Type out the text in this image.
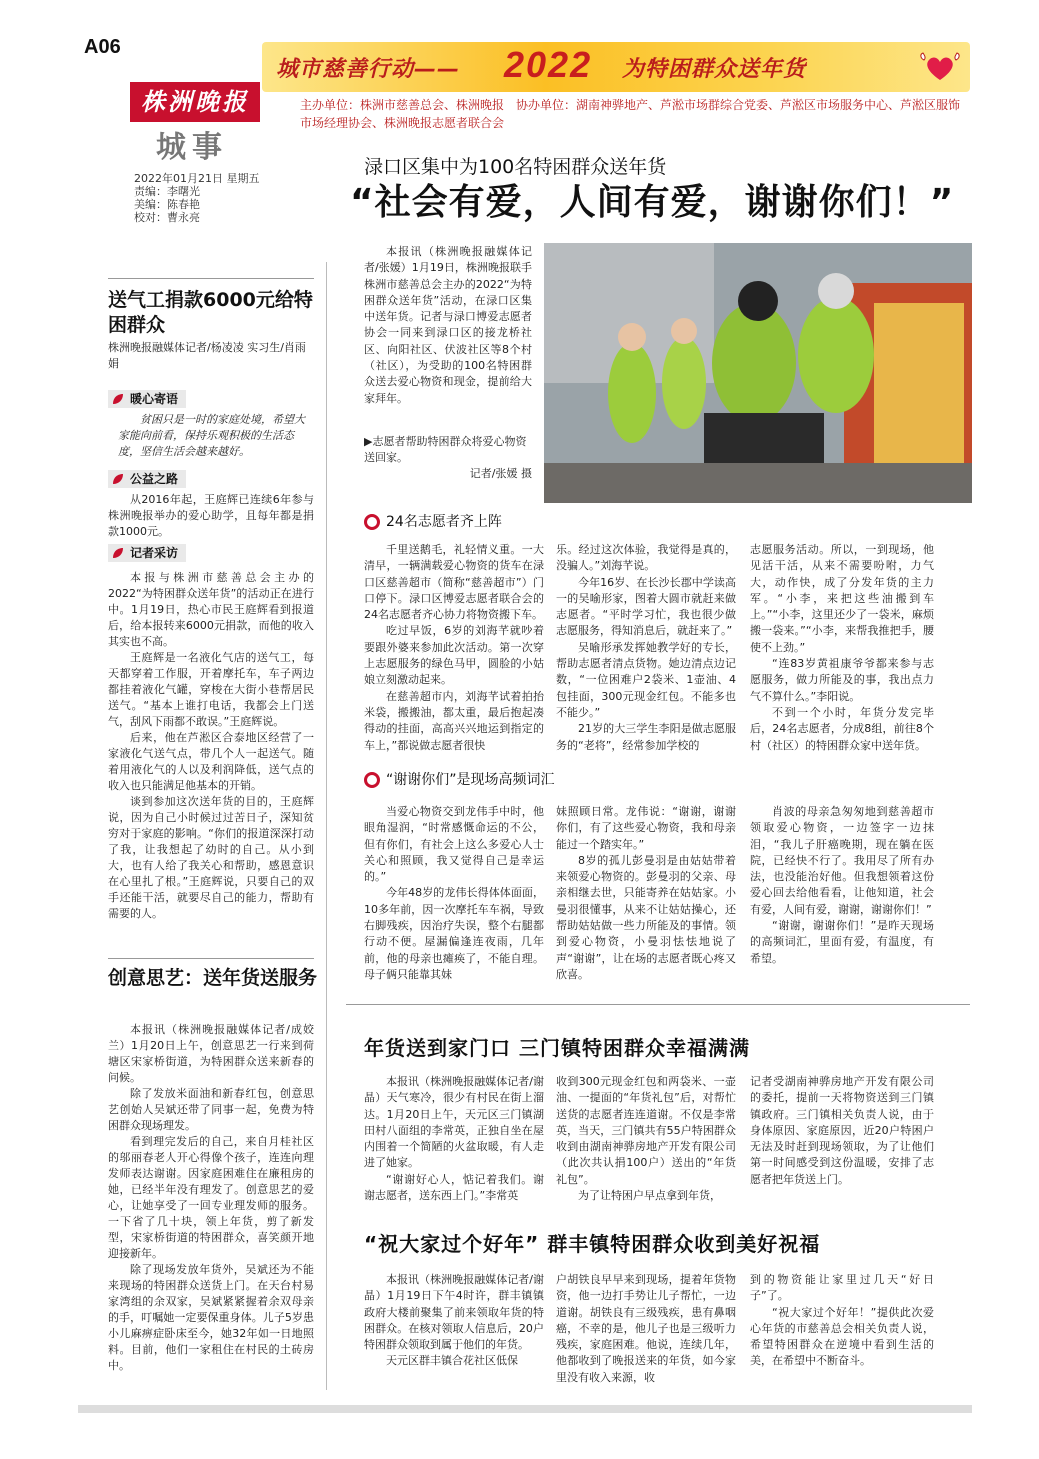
A06
城市慈善行动—— 2022 为特困群众送年货
株洲晚报
城事
2022年01月21日 星期五
责编：李曙光
美编：陈春艳
校对：曹永亮
主办单位：株洲市慈善总会、株洲晚报　协办单位：湖南神骅地产、芦淞市场群综合党委、芦淞区市场服务中心、芦淞区服饰市场经理协会、株洲晚报志愿者联合会
送气工捐款6000元给特困群众
株洲晚报融媒体记者/杨凌凌 实习生/肖雨娟
暖心寄语
贫困只是一时的家庭处境，希望大家能向前看，保持乐观积极的生活态度，坚信生活会越来越好。
公益之路

从2016年起，王庭辉已连续6年参与株洲晚报举办的爱心助学，且每年都是捐款1000元。

记者采访

本报与株洲市慈善总会主办的2022“为特困群众送年货”的活动正在进行中。1月19日，热心市民王庭辉看到报道后，给本报转来6000元捐款，而他的收入其实也不高。

王庭辉是一名液化气店的送气工，每天都穿着工作服，开着摩托车，车子两边都挂着液化气罐，穿梭在大街小巷帮居民送气。“基本上谁打电话，我都会上门送气，刮风下雨都不敢误。”王庭辉说。

后来，他在芦淞区合泰地区经营了一家液化气送气点，带几个人一起送气。随着用液化气的人以及利润降低，送气点的收入也只能满足他基本的开销。

谈到参加这次送年货的目的，王庭辉说，因为自己小时候过过苦日子，深知贫穷对于家庭的影响。“你们的报道深深打动了我，让我想起了幼时的自己。从小到大，也有人给了我关心和帮助，感恩意识在心里扎了根。”王庭辉说，只要自己的双手还能干活，就要尽自己的能力，帮助有需要的人。

创意思艺：送年货送服务

本报讯（株洲晚报融媒体记者/成姣兰）1月20日上午，创意思艺一行来到荷塘区宋家桥街道，为特困群众送来新春的问候。

除了发放米面油和新春红包，创意思艺创始人吴斌还带了同事一起，免费为特困群众现场理发。

看到理完发后的自己，来自月桂社区的邬丽春老人开心得像个孩子，连连向理发师表达谢谢。因家庭困难住在廉租房的她，已经半年没有理发了。创意思艺的爱心，让她享受了一回专业理发师的服务。一下省了几十块，领上年货，剪了新发型，宋家桥街道的特困群众，喜笑颜开地迎接新年。

除了现场发放年货外，吴斌还为不能来现场的特困群众送货上门。在天台村易家湾组的余双家，吴斌紧紧握着余双母亲的手，叮嘱她一定要保重身体。儿子5岁患小儿麻痹症卧床至今，她32年如一日地照料。目前，他们一家租住在村民的土砖房中。

渌口区集中为100名特困群众送年货
“社会有爱，人间有爱，谢谢你们！”

本报讯（株洲晚报融媒体记者/张媛）1月19日，株洲晚报联手株洲市慈善总会主办的2022“为特困群众送年货”活动，在渌口区集中送年货。记者与渌口博爱志愿者协会一同来到渌口区的接龙桥社区、向阳社区、伏波社区等8个村（社区），为受助的100名特困群众送去爱心物资和现金，提前给大家拜年。

▶志愿者帮助特困群众将爱心物资送回家。
记者/张媛 摄
24名志愿者齐上阵

千里送鹅毛，礼轻情义重。一大清早，一辆满载爱心物资的货车在渌口区慈善超市（简称“慈善超市”）门口停下。渌口区博爱志愿者联合会的24名志愿者齐心协力将物资搬下车。

吃过早饭，6岁的刘海芊就吵着要跟外婆来参加此次活动。第一次穿上志愿服务的绿色马甲，圆脸的小姑娘立刻激动起来。

在慈善超市内，刘海芊试着拍抬米袋，搬搬油，都太重，最后抱起凑得动的挂面，高高兴兴地运到指定的车上，”都说做志愿者很快

乐。经过这次体验，我觉得是真的，没骗人。”刘海芊说。

今年16岁、在长沙长郡中学读高一的吴喻形家，图着大圆市就赶来做志愿者。“平时学习忙，我也很少做志愿服务，得知消息后，就赶来了。”

吴喻形承发挥她教学好的专长，帮助志愿者清点货物。她边清点边记数，“一位困难户2袋米、1壶油、4包挂面，300元现金红包。不能多也不能少。”

21岁的大三学生李阳是做志愿服务的“老将”，经常参加学校的

志愿服务活动。所以，一到现场，他见活干活，从来不需要吩咐，力气大，动作快，成了分发年货的主力军。“小李，来把这些油搬到车上。”“小李，这里还少了一袋米，麻烦搬一袋来。”“小李，来帮我推把手，腰使不上劲。”

“连83岁黄祖康爷爷都来参与志愿服务，做力所能及的事，我出点力气不算什么。”李阳说。

不到一个小时，年货分发完毕后，24名志愿者，分成8组，前往8个村（社区）的特困群众家中送年货。

“谢谢你们”是现场高频词汇

当爱心物资交到龙伟手中时，他眼角湿润，“时常感慨命运的不公，但有你们，有社会上这么多爱心人士关心和照顾，我又觉得自己是幸运的。”

今年48岁的龙伟长得体体面面，10多年前，因一次摩托车车祸，导致右脚残疾，因治疗失误，整个右腿都行动不便。屋漏偏逢连夜雨，几年前，他的母亲也瘫痪了，不能自理。母子俩只能靠其妹

妹照顾日常。龙伟说：“谢谢，谢谢你们，有了这些爱心物资，我和母亲能过一个踏实年。”

8岁的孤儿彭曼羽是由姑姑带着来领爱心物资的。彭曼羽的父亲、母亲相继去世，只能寄养在姑姑家。小曼羽很懂事，从来不让姑姑操心，还帮助姑姑做一些力所能及的事情。领到爱心物资，小曼羽怯怯地说了声“谢谢”，让在场的志愿者既心疼又欣喜。

肖波的母亲急匆匆地到慈善超市领取爱心物资，一边签字一边抹泪，“我儿子肝癌晚期，现在躺在医院，已经快不行了。我用尽了所有办法，也没能治好他。但我想领着这份爱心回去给他看看，让他知道，社会有爱，人间有爱，谢谢，谢谢你们！”

“谢谢，谢谢你们！”是昨天现场的高频词汇，里面有爱，有温度，有希望。

年货送到家门口 三门镇特困群众幸福满满

本报讯（株洲晚报融媒体记者/谢晶）天气寒冷，很少有村民在街上溜达。1月20日上午，天元区三门镇湖田村八面组的李常英，正独自坐在屋内围着一个简陋的火盆取暖，有人走进了她家。

“谢谢好心人，惦记着我们。谢谢志愿者，送东西上门。”李常英

收到300元现金红包和两袋米、一壶油、一提面的“年货礼包”后，对帮忙送货的志愿者连连道谢。不仅是李常英，当天，三门镇共有55户特困群众收到由湖南神骅房地产开发有限公司（此次共认捐100户）送出的“年货礼包”。

为了让特困户早点拿到年货，

记者受湖南神骅房地产开发有限公司的委托，提前一天将物资送到三门镇镇政府。三门镇相关负责人说，由于身体原因、家庭原因，近20户特困户无法及时赶到现场领取，为了让他们第一时间感受到这份温暖，安排了志愿者把年货送上门。

“祝大家过个好年” 群丰镇特困群众收到美好祝福

本报讯（株洲晚报融媒体记者/谢晶）1月19日下午4时许，群丰镇镇政府大楼前聚集了前来领取年货的特困群众。在核对领取人信息后，20户特困群众领取到属于他们的年货。

天元区群丰镇合花社区低保

户胡铁良早早来到现场，提着年货物资，他一边打手势让儿子帮忙，一边道谢。胡铁良有三级残疾，患有鼻咽癌，不幸的是，他儿子也是三级听力残疾，家庭困难。他说，连续几年，他都收到了晚报送来的年货，如今家里没有收入来源，收

到的物资能让家里过几天“好日子”了。

“祝大家过个好年！”提供此次爱心年货的市慈善总会相关负责人说，希望特困群众在逆境中看到生活的美，在希望中不断奋斗。
